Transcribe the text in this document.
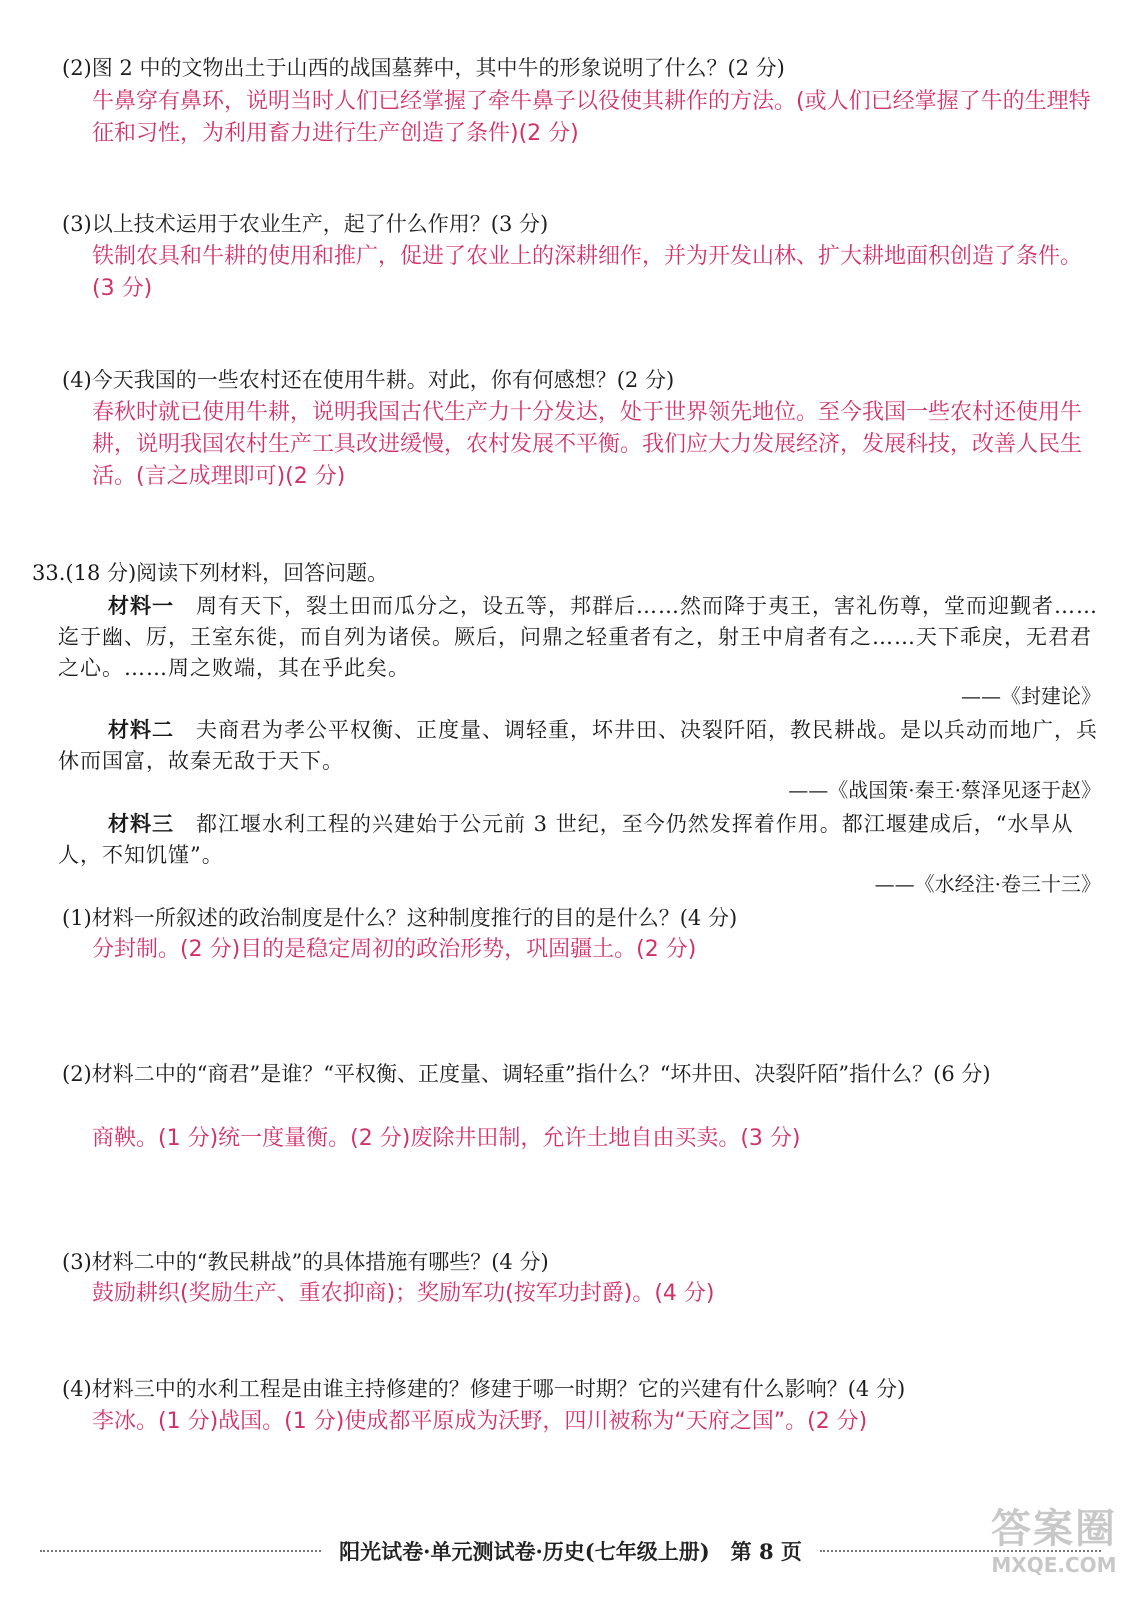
(2)图 2 中的文物出土于山西的战国墓葬中，其中牛的形象说明了什么？(2 分)

牛鼻穿有鼻环，说明当时人们已经掌握了牵牛鼻子以役使其耕作的方法。(或人们已经掌握了牛的生理特征和习性，为利用畜力进行生产创造了条件)(2 分)

(3)以上技术运用于农业生产，起了什么作用？(3 分)

铁制农具和牛耕的使用和推广，促进了农业上的深耕细作，并为开发山林、扩大耕地面积创造了条件。(3 分)

(4)今天我国的一些农村还在使用牛耕。对此，你有何感想？(2 分)

春秋时就已使用牛耕，说明我国古代生产力十分发达，处于世界领先地位。至今我国一些农村还使用牛耕，说明我国农村生产工具改进缓慢，农村发展不平衡。我们应大力发展经济，发展科技，改善人民生活。(言之成理即可)(2 分)

33.(18 分)阅读下列材料，回答问题。

材料一　 周有天下，裂土田而瓜分之，设五等，邦群后……然而降于夷王，害礼伤尊，堂而迎觐者……迄于幽、厉，王室东徙，而自列为诸侯。厥后，问鼎之轻重者有之，射王中肩者有之……天下乖戾，无君君之心。……周之败端，其在乎此矣。

——《封建论》

材料二　 夫商君为孝公平权衡、正度量、调轻重，坏井田、决裂阡陌，教民耕战。是以兵动而地广，兵休而国富，故秦无敌于天下。

——《战国策·秦王·蔡泽见逐于赵》

材料三　 都江堰水利工程的兴建始于公元前 3 世纪，至今仍然发挥着作用。都江堰建成后，“水旱从人，不知饥馑”。

——《水经注·卷三十三》

(1)材料一所叙述的政治制度是什么？这种制度推行的目的是什么？(4 分)

分封制。(2 分)目的是稳定周初的政治形势，巩固疆土。(2 分)

(2)材料二中的“商君”是谁？“平权衡、正度量、调轻重”指什么？“坏井田、决裂阡陌”指什么？(6 分)

商鞅。(1 分)统一度量衡。(2 分)废除井田制，允许土地自由买卖。(3 分)

(3)材料二中的“教民耕战”的具体措施有哪些？(4 分)

鼓励耕织(奖励生产、重农抑商)；奖励军功(按军功封爵)。(4 分)

(4)材料三中的水利工程是由谁主持修建的？修建于哪一时期？它的兴建有什么影响？(4 分)

李冰。(1 分)战国。(1 分)使成都平原成为沃野，四川被称为“天府之国”。(2 分)

阳光试卷·单元测试卷·历史(七年级上册)　第 8 页	答案圈
MXQE.COM
